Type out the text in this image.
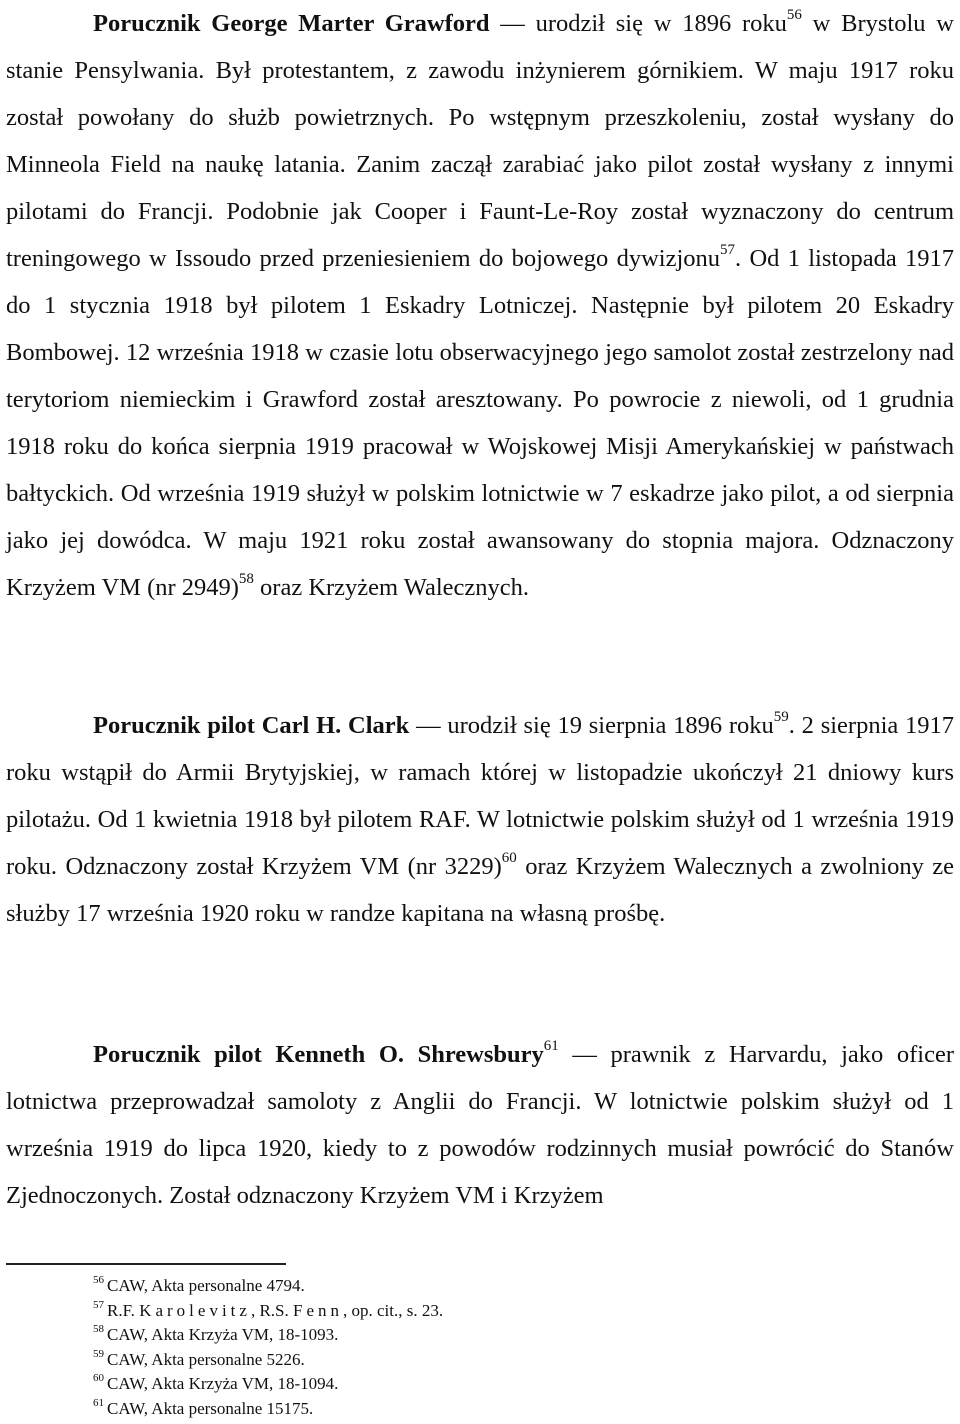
Porucznik George Marter Grawford ― urodził się w 1896 roku$^{56}$ w Brystolu w stanie Pensylwania. Był protestantem, z zawodu inżynierem górnikiem. W maju 1917 roku został powołany do służb powietrznych. Po wstępnym przeszkoleniu, został wysłany do Minneola Field na naukę latania. Zanim zaczął zarabiać jako pilot został wysłany z innymi pilotami do Francji. Podobnie jak Cooper i Faunt-Le-Roy został wyznaczony do centrum treningowego w Issoudo przed przeniesieniem do bojowego dywizjonu$^{57}$. Od 1 listopada 1917 do 1 stycznia 1918 był pilotem 1 Eskadry Lotniczej. Następnie był pilotem 20 Eskadry Bombowej. 12 września 1918 w czasie lotu obserwacyjnego jego samolot został zestrzelony nad terytoriom niemieckim i Grawford został aresztowany. Po powrocie z niewoli, od 1 grudnia 1918 roku do końca sierpnia 1919 pracował w Wojskowej Misji Amerykańskiej w państwach bałtyckich. Od września 1919 służył w polskim lotnictwie w 7 eskadrze jako pilot, a od sierpnia jako jej dowódca. W maju 1921 roku został awansowany do stopnia majora. Odznaczony Krzyżem VM (nr 2949)$^{58}$ oraz Krzyżem Walecznych.

Porucznik pilot Carl H. Clark ― urodził się 19 sierpnia 1896 roku$^{59}$. 2 sierpnia 1917 roku wstąpił do Armii Brytyjskiej, w ramach której w listopadzie ukończył 21 dniowy kurs pilotażu. Od 1 kwietnia 1918 był pilotem RAF. W lotnictwie polskim służył od 1 września 1919 roku. Odznaczony został Krzyżem VM (nr 3229)$^{60}$ oraz Krzyżem Walecznych a zwolniony ze służby 17 września 1920 roku w randze kapitana na własną prośbę.

Porucznik pilot Kenneth O. Shrewsbury$^{61}$ ― prawnik z Harvardu, jako oficer lotnictwa przeprowadzał samoloty z Anglii do Francji. W lotnictwie polskim służył od 1 września 1919 do lipca 1920, kiedy to z powodów rodzinnych musiał powrócić do Stanów Zjednoczonych. Został odznaczony Krzyżem VM i Krzyżem

$^{56}$ CAW, Akta personalne 4794.
$^{57}$ R.F. Karolevitz, R.S. Fenn, op. cit., s. 23.
$^{58}$ CAW, Akta Krzyża VM, 18-1093.
$^{59}$ CAW, Akta personalne 5226.
$^{60}$ CAW, Akta Krzyża VM, 18-1094.
$^{61}$ CAW, Akta personalne 15175.
